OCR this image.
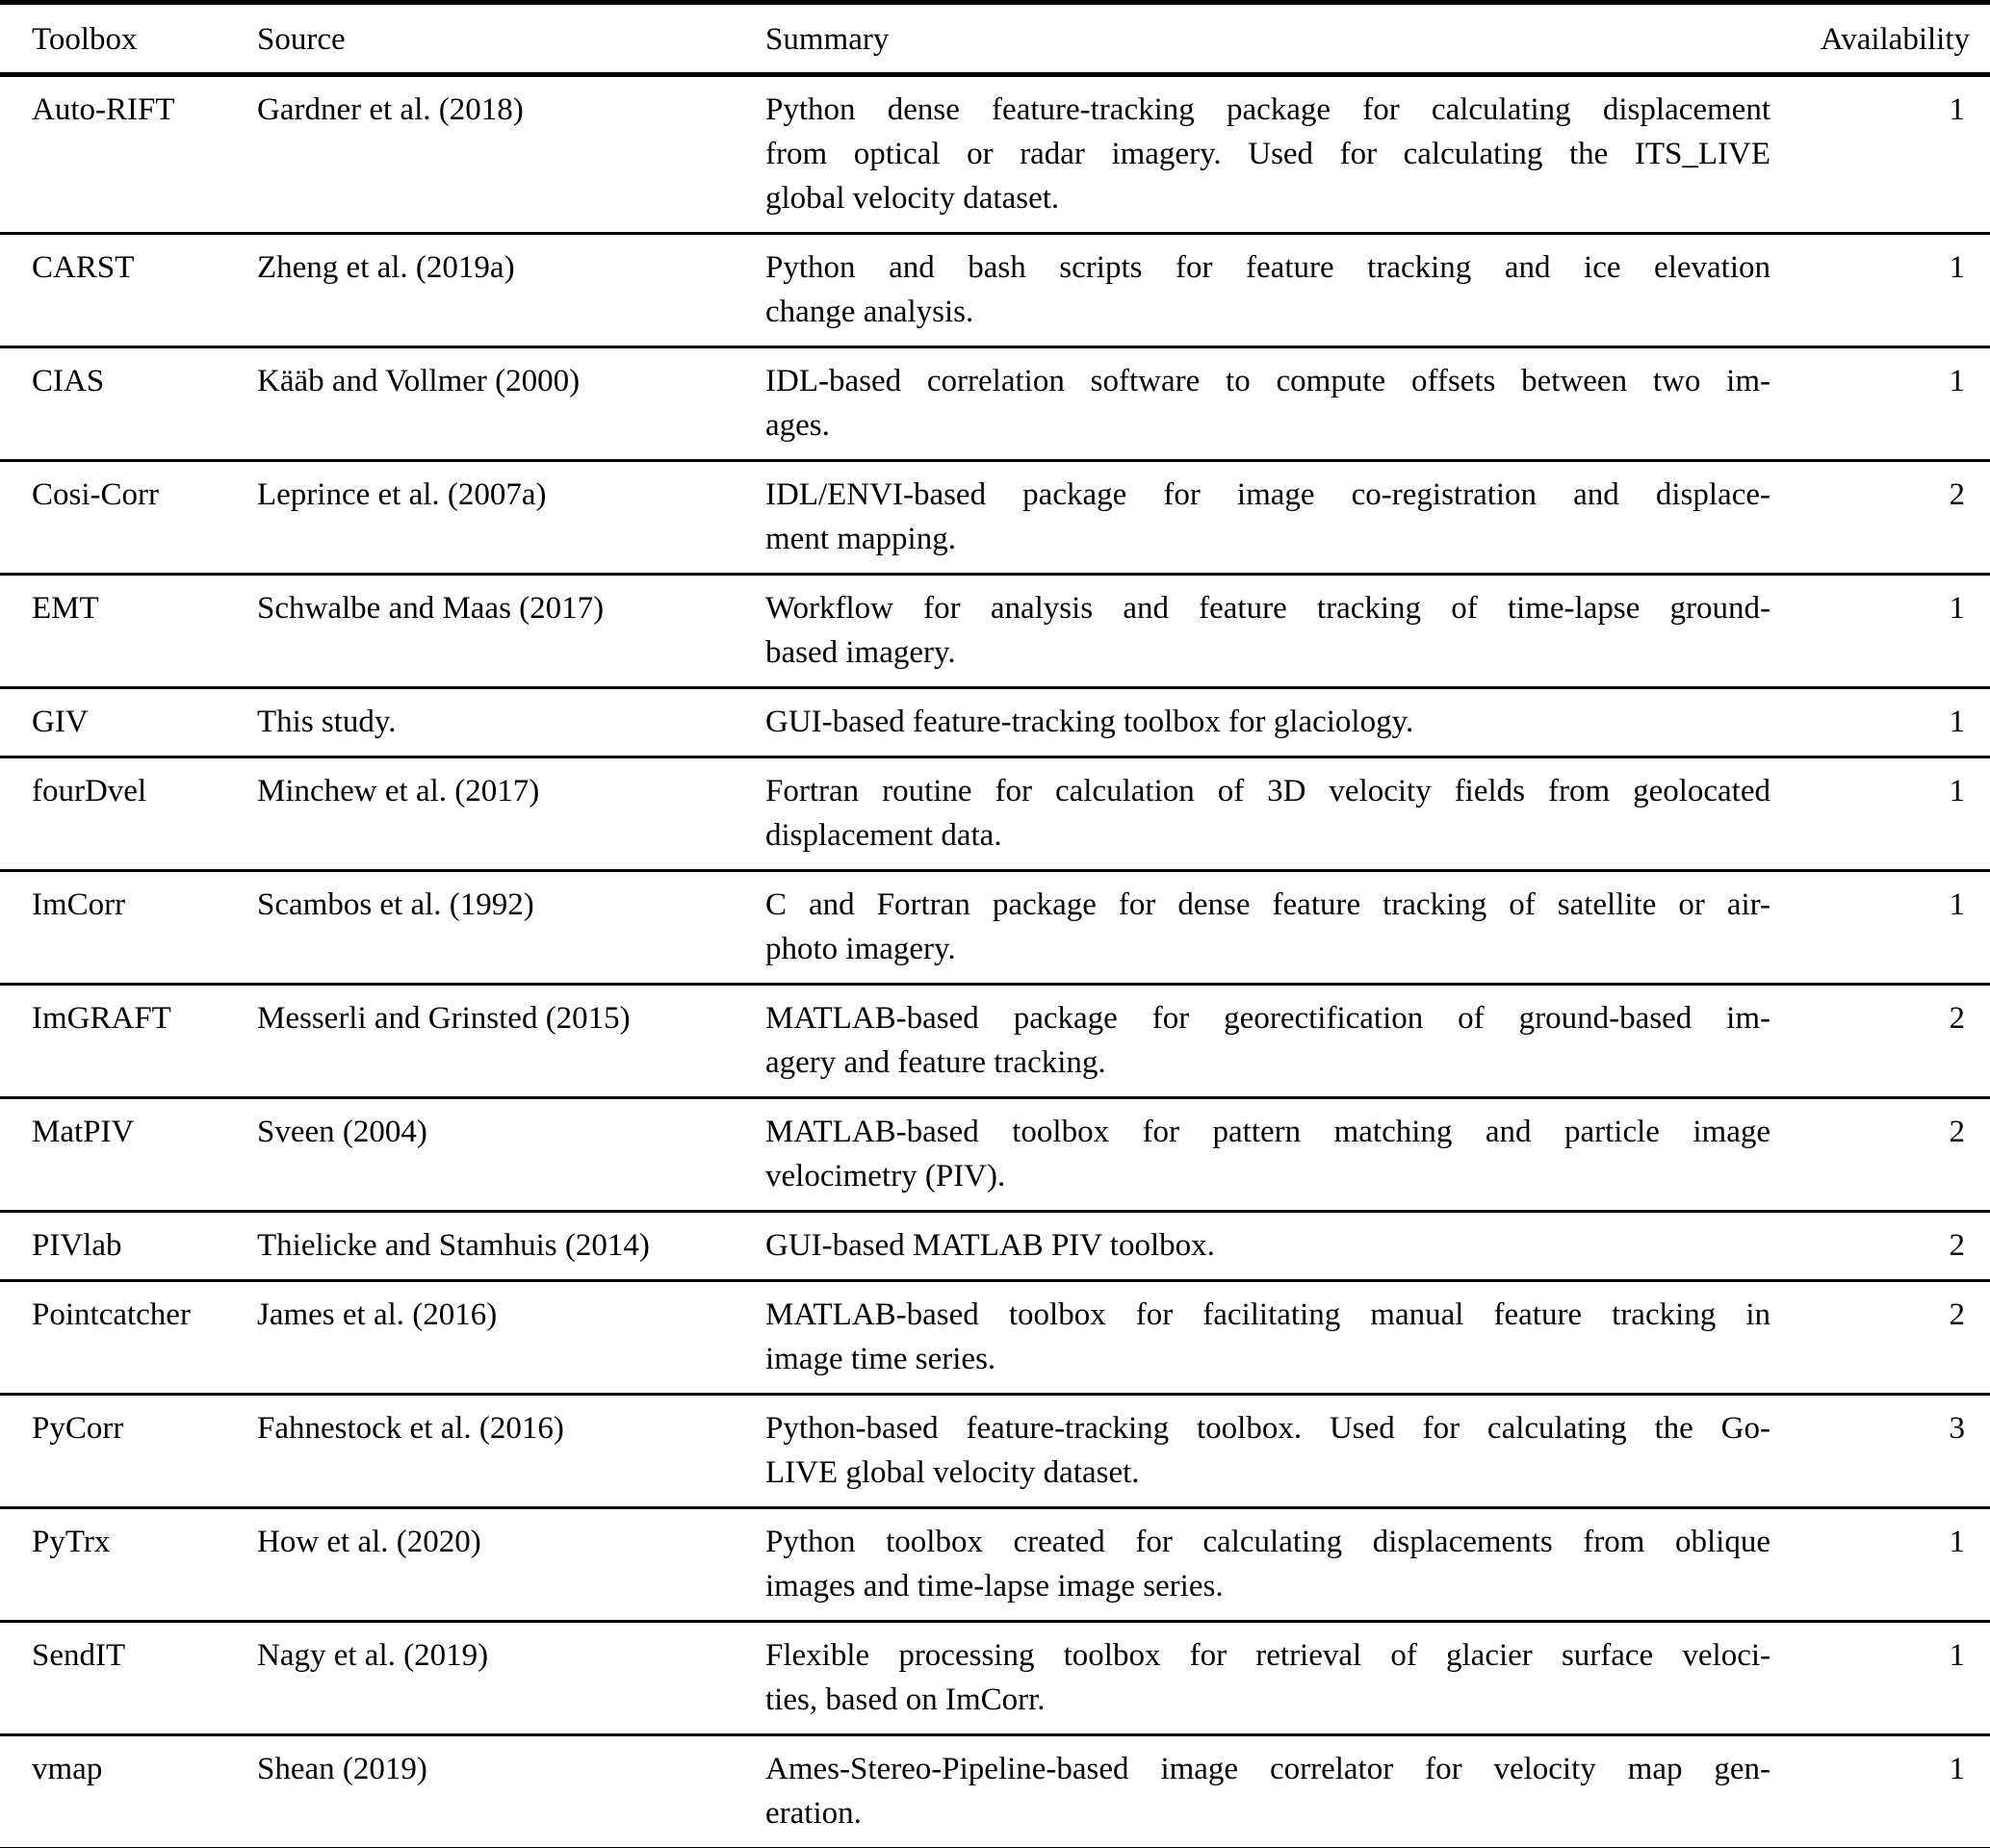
Toolbox	Source	Summary	Availability
Auto-RIFT	Gardner et al. (2018)	Python dense feature-tracking package for calculating displacement
from optical or radar imagery. Used for calculating the ITS_LIVE
global velocity dataset.	1
CARST	Zheng et al. (2019a)	Python and bash scripts for feature tracking and ice elevation
change analysis.	1
CIAS	Kääb and Vollmer (2000)	IDL-based correlation software to compute offsets between two im-
ages.	1
Cosi-Corr	Leprince et al. (2007a)	IDL/ENVI-based package for image co-registration and displace-
ment mapping.	2
EMT	Schwalbe and Maas (2017)	Workflow for analysis and feature tracking of time-lapse ground-
based imagery.	1
GIV	This study.	GUI-based feature-tracking toolbox for glaciology.	1
fourDvel	Minchew et al. (2017)	Fortran routine for calculation of 3D velocity fields from geolocated
displacement data.	1
ImCorr	Scambos et al. (1992)	C and Fortran package for dense feature tracking of satellite or air-
photo imagery.	1
ImGRAFT	Messerli and Grinsted (2015)	MATLAB-based package for georectification of ground-based im-
agery and feature tracking.	2
MatPIV	Sveen (2004)	MATLAB-based toolbox for pattern matching and particle image
velocimetry (PIV).	2
PIVlab	Thielicke and Stamhuis (2014)	GUI-based MATLAB PIV toolbox.	2
Pointcatcher	James et al. (2016)	MATLAB-based toolbox for facilitating manual feature tracking in
image time series.	2
PyCorr	Fahnestock et al. (2016)	Python-based feature-tracking toolbox. Used for calculating the Go-
LIVE global velocity dataset.	3
PyTrx	How et al. (2020)	Python toolbox created for calculating displacements from oblique
images and time-lapse image series.	1
SendIT	Nagy et al. (2019)	Flexible processing toolbox for retrieval of glacier surface veloci-
ties, based on ImCorr.	1
vmap	Shean (2019)	Ames-Stereo-Pipeline-based image correlator for velocity map gen-
eration.	1
